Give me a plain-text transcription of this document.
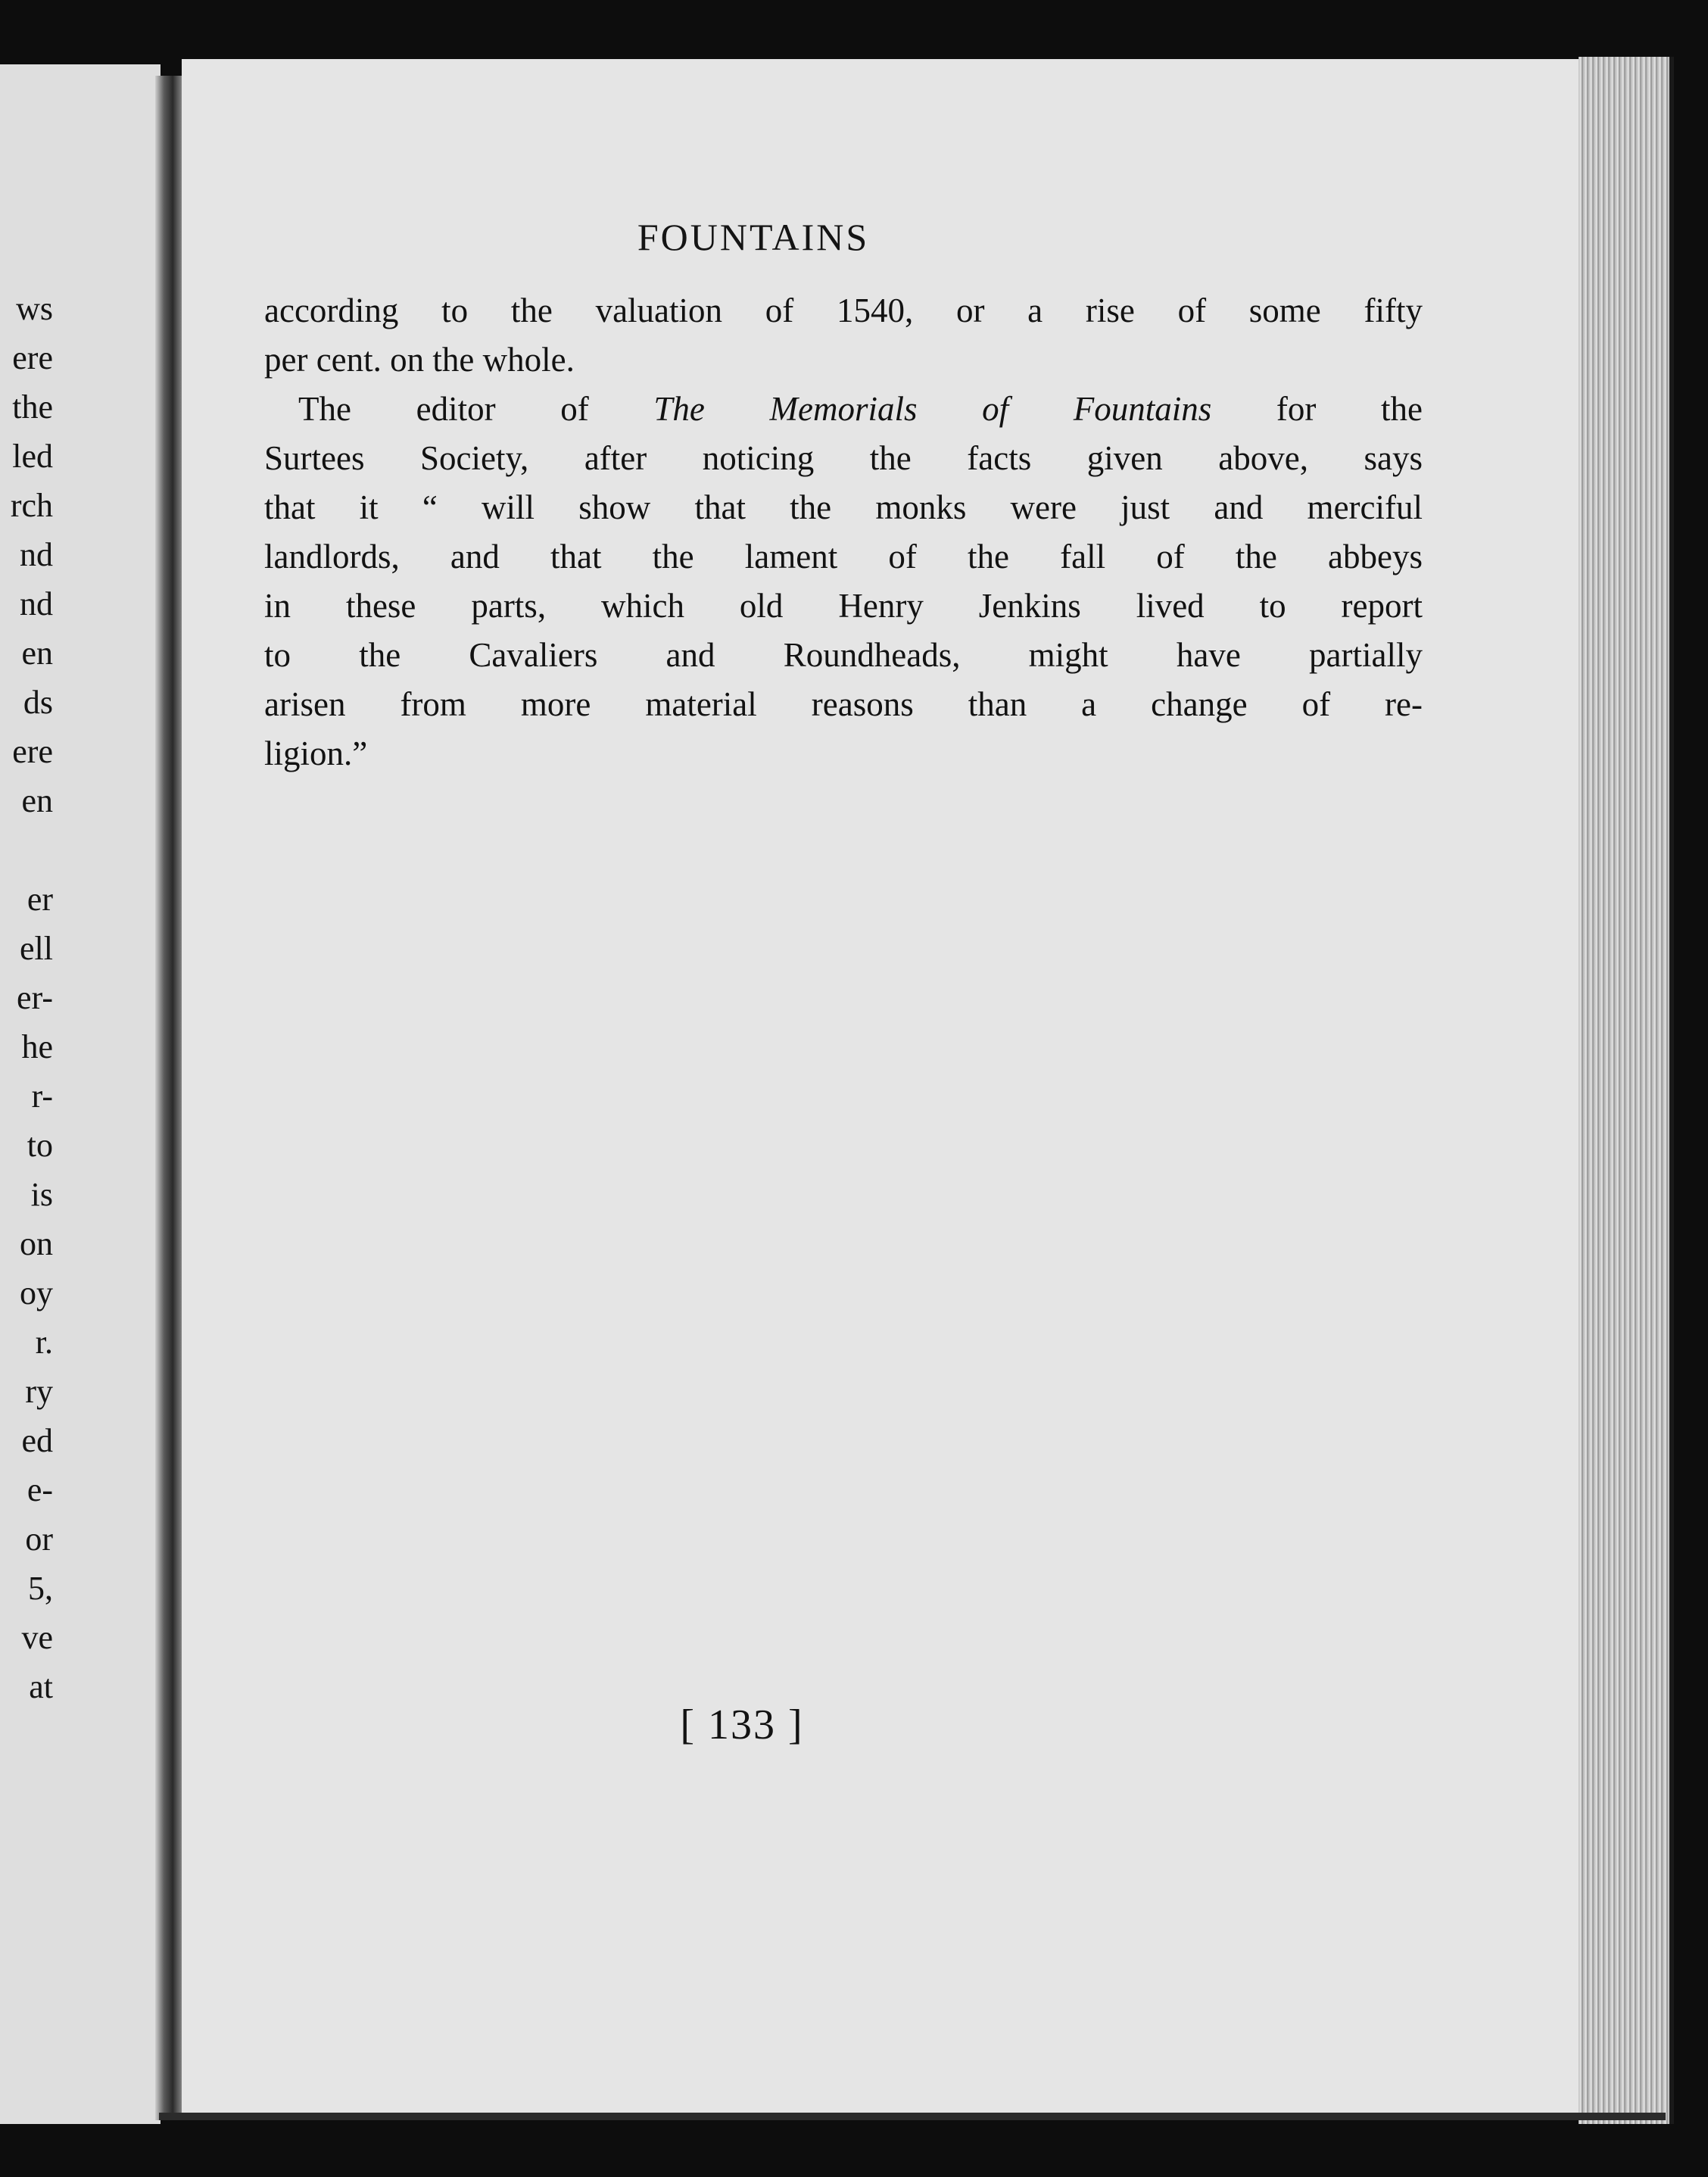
ws
ere
the
led
rch
nd
nd
en
ds
ere
en
er
ell
er-
he
r-
to
is
on
oy
r.
ry
ed
e-
or
5,
ve
at
FOUNTAINS
according to the valuation of 1540, or a rise of some fifty
per cent. on the whole.
The editor of The Memorials of Fountains for the
Surtees Society, after noticing the facts given above, says
that it “ will show that the monks were just and merciful
landlords, and that the lament of the fall of the abbeys
in these parts, which old Henry Jenkins lived to report
to the Cavaliers and Roundheads, might have partially
arisen from more material reasons than a change of re-
ligion.”
[ 133 ]
